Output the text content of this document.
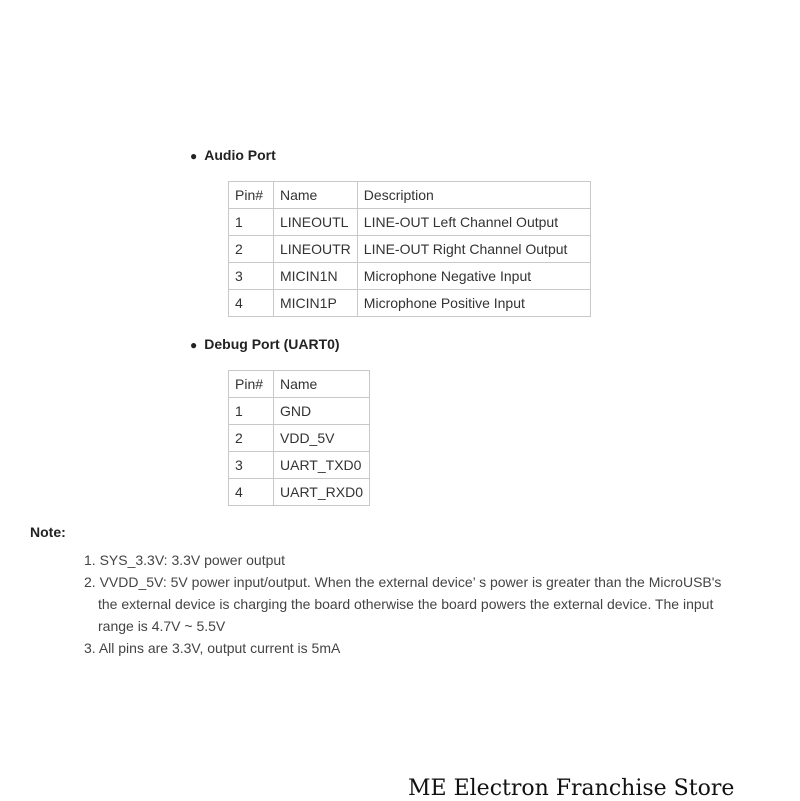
● Audio Port
Pin#	Name	Description
1	LINEOUTL	LINE-OUT Left Channel Output
2	LINEOUTR	LINE-OUT Right Channel Output
3	MICIN1N	Microphone Negative Input
4	MICIN1P	Microphone Positive Input
● Debug Port (UART0)
Pin#	Name
1	GND
2	VDD_5V
3	UART_TXD0
4	UART_RXD0
Note:
1. SYS_3.3V: 3.3V power output
2. VVDD_5V: 5V power input/output. When the external device’ s power is greater than the MicroUSB's
the external device is charging the board otherwise the board powers the external device. The input
range is 4.7V ~ 5.5V
3. All pins are 3.3V, output current is 5mA
ME Electron Franchise Store
